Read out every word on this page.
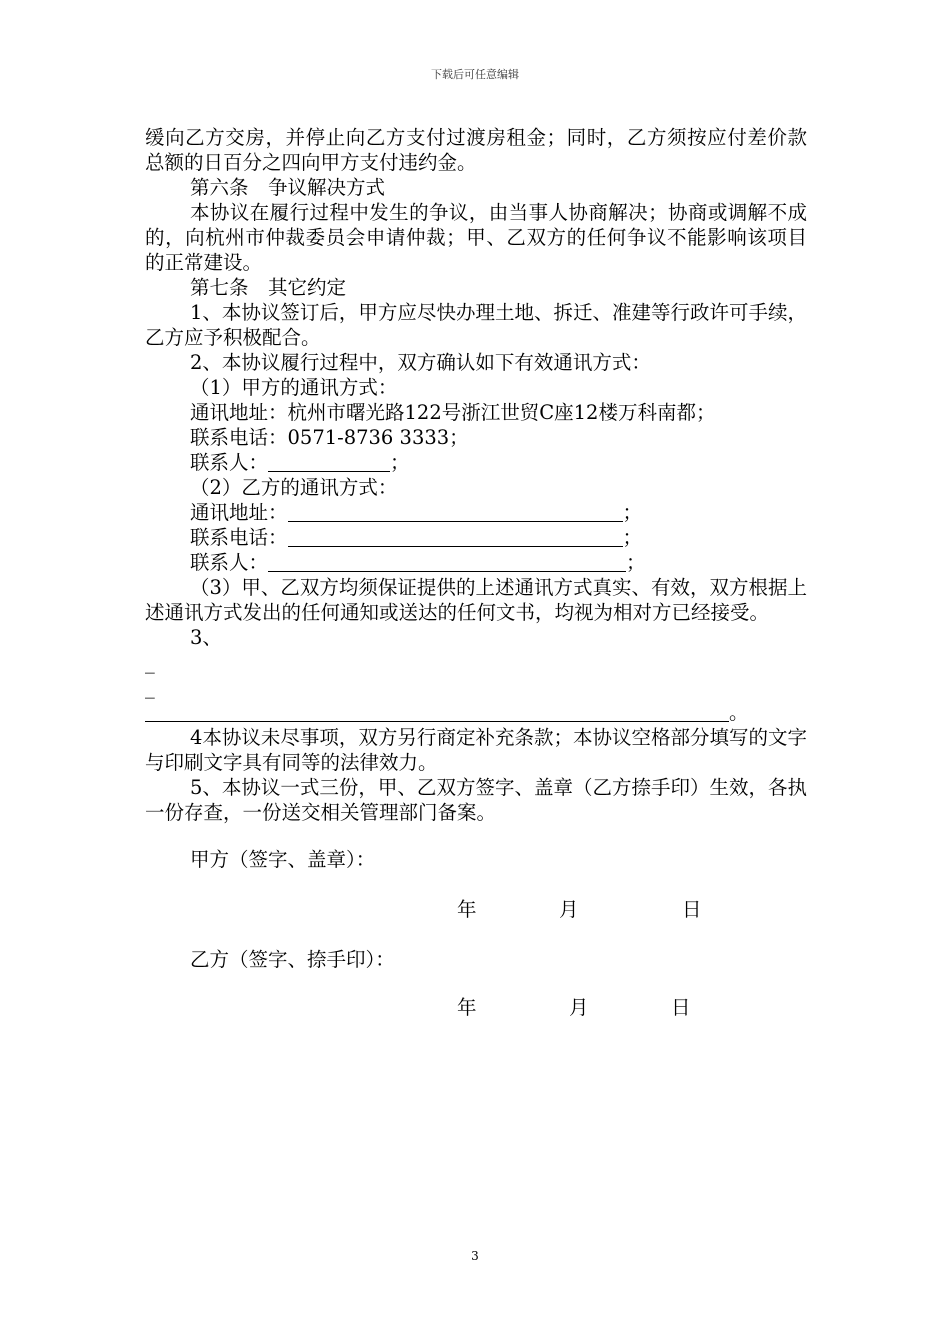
下载后可任意编辑

缓向乙方交房，并停止向乙方支付过渡房租金；同时，乙方须按应付差价款总额的日百分之四向甲方支付违约金。

第六条　争议解决方式

本协议在履行过程中发生的争议，由当事人协商解决；协商或调解不成的，向杭州市仲裁委员会申请仲裁；甲、乙双方的任何争议不能影响该项目的正常建设。

第七条　其它约定

1、本协议签订后，甲方应尽快办理土地、拆迁、准建等行政许可手续，乙方应予积极配合。

2、本协议履行过程中，双方确认如下有效通讯方式：

（1）甲方的通讯方式：

通讯地址：杭州市曙光路122号浙江世贸C座12楼万科南都；

联系电话：0571-8736 3333；

联系人：	；

（2）乙方的通讯方式：

通讯地址：	；

联系电话：	；

联系人：	；

（3）甲、乙双方均须保证提供的上述通讯方式真实、有效，双方根据上述通讯方式发出的任何通知或送达的任何文书，均视为相对方已经接受。

3、

_
_

。

4本协议未尽事项，双方另行商定补充条款；本协议空格部分填写的文字与印刷文字具有同等的法律效力。

5、本协议一式三份，甲、乙双方签字、盖章（乙方捺手印）生效，各执一份存查，一份送交相关管理部门备案。

甲方（签字、盖章）：

年	月	日

乙方（签字、捺手印）：

年	月	日
3
